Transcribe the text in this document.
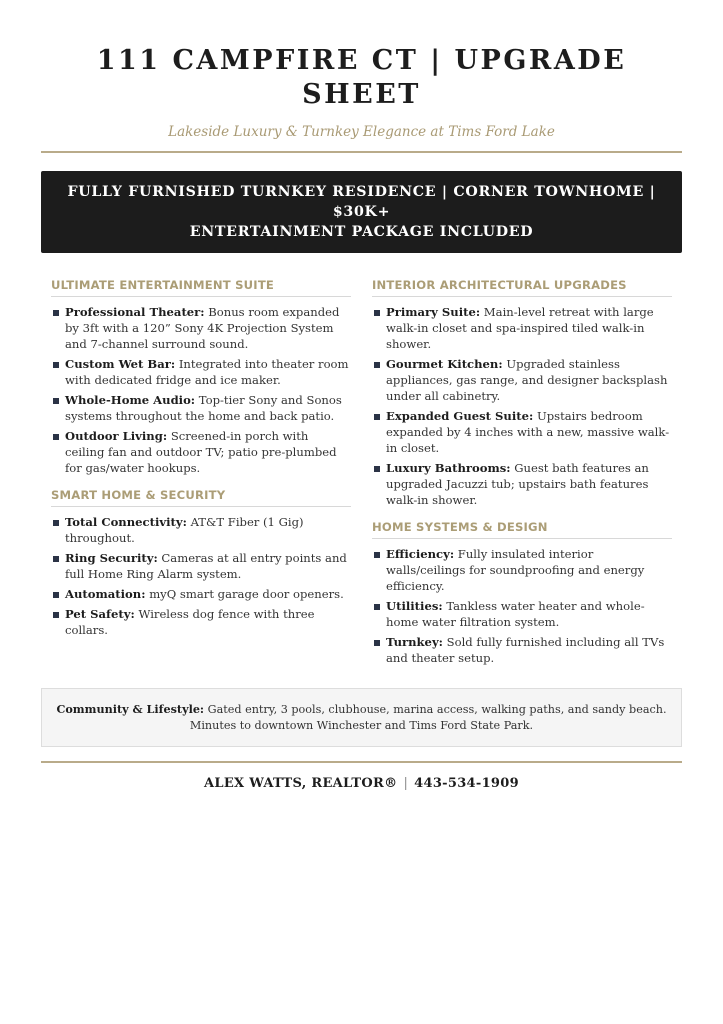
111 CAMPFIRE CT | UPGRADE SHEET
Lakeside Luxury & Turnkey Elegance at Tims Ford Lake
FULLY FURNISHED TURNKEY RESIDENCE | CORNER TOWNHOME | $30K+
ENTERTAINMENT PACKAGE INCLUDED
ULTIMATE ENTERTAINMENT SUITE
Professional Theater: Bonus room expanded by 3ft with a 120” Sony 4K Projection System and 7-channel surround sound.
Custom Wet Bar: Integrated into theater room with dedicated fridge and ice maker.
Whole-Home Audio: Top-tier Sony and Sonos systems throughout the home and back patio.
Outdoor Living: Screened-in porch with ceiling fan and outdoor TV; patio pre-plumbed for gas/water hookups.
SMART HOME & SECURITY
Total Connectivity: AT&T Fiber (1 Gig) throughout.
Ring Security: Cameras at all entry points and full Home Ring Alarm system.
Automation: myQ smart garage door openers.
Pet Safety: Wireless dog fence with three collars.
INTERIOR ARCHITECTURAL UPGRADES
Primary Suite: Main-level retreat with large walk-in closet and spa-inspired tiled walk-in shower.
Gourmet Kitchen: Upgraded stainless appliances, gas range, and designer backsplash under all cabinetry.
Expanded Guest Suite: Upstairs bedroom expanded by 4 inches with a new, massive walk-in closet.
Luxury Bathrooms: Guest bath features an upgraded Jacuzzi tub; upstairs bath features walk-in shower.
HOME SYSTEMS & DESIGN
Efficiency: Fully insulated interior walls/ceilings for soundproofing and energy efficiency.
Utilities: Tankless water heater and whole-home water filtration system.
Turnkey: Sold fully furnished including all TVs and theater setup.
Community & Lifestyle: Gated entry, 3 pools, clubhouse, marina access, walking paths, and sandy beach. Minutes to downtown Winchester and Tims Ford State Park.
ALEX WATTS, REALTOR® | 443-534-1909
